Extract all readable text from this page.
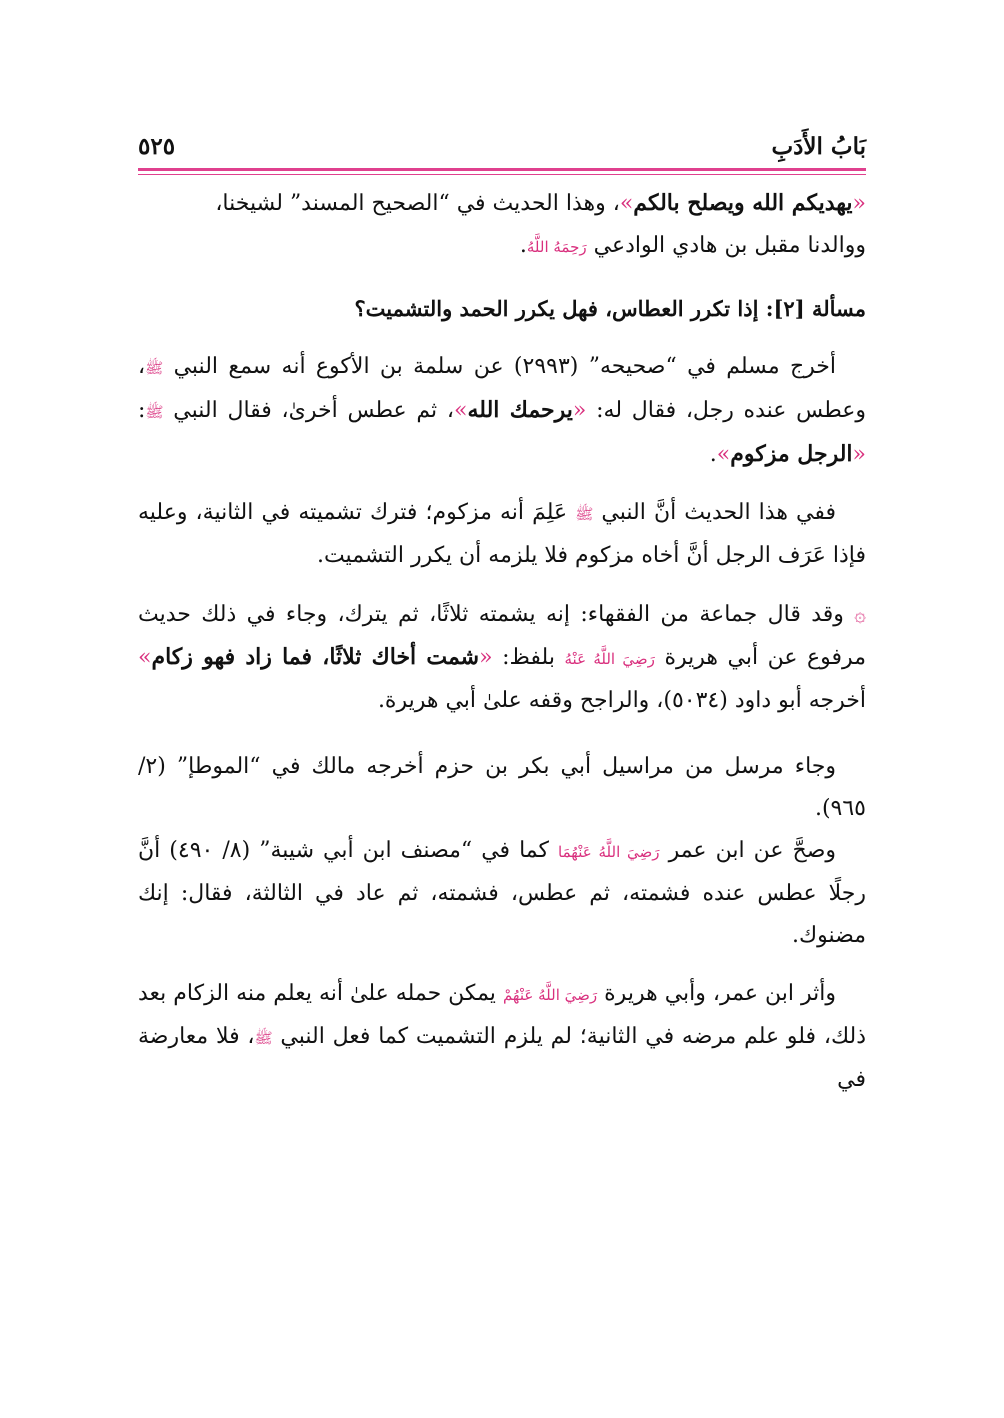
بَابُ الأَدَبِ
٥٢٥

«يهديكم الله ويصلح بالكم»، وهذا الحديث في “الصحيح المسند” لشيخنا،

ووالدنا مقبل بن هادي الوادعي رَحِمَهُ اللَّهُ.

مسألة [٢]: إذا تكرر العطاس، فهل يكرر الحمد والتشميت؟

أخرج مسلم في “صحيحه” (٢٩٩٣) عن سلمة بن الأكوع أنه سمع النبي ﷺ، وعطس عنده رجل، فقال له: «يرحمك الله»، ثم عطس أخرىٰ، فقال النبي ﷺ: «الرجل مزكوم».

ففي هذا الحديث أنَّ النبي ﷺ عَلِمَ أنه مزكوم؛ فترك تشميته في الثانية، وعليه فإذا عَرَف الرجل أنَّ أخاه مزكوم فلا يلزمه أن يكرر التشميت.

۞ وقد قال جماعة من الفقهاء: إنه يشمته ثلاثًا، ثم يترك، وجاء في ذلك حديث مرفوع عن أبي هريرة رَضِيَ اللَّهُ عَنْهُ بلفظ: «شمت أخاك ثلاثًا، فما زاد فهو زكام» أخرجه أبو داود (٥٠٣٤)، والراجح وقفه علىٰ أبي هريرة.

وجاء مرسل من مراسيل أبي بكر بن حزم أخرجه مالك في “الموطإ” (٢/ ٩٦٥).

وصحَّ عن ابن عمر رَضِيَ اللَّهُ عَنْهُمَا كما في “مصنف ابن أبي شيبة” (٨/ ٤٩٠) أنَّ رجلًا عطس عنده فشمته، ثم عطس، فشمته، ثم عاد في الثالثة، فقال: إنك مضنوك.

وأثر ابن عمر، وأبي هريرة رَضِيَ اللَّهُ عَنْهُمْ يمكن حمله علىٰ أنه يعلم منه الزكام بعد ذلك، فلو علم مرضه في الثانية؛ لم يلزم التشميت كما فعل النبي ﷺ، فلا معارضة في
